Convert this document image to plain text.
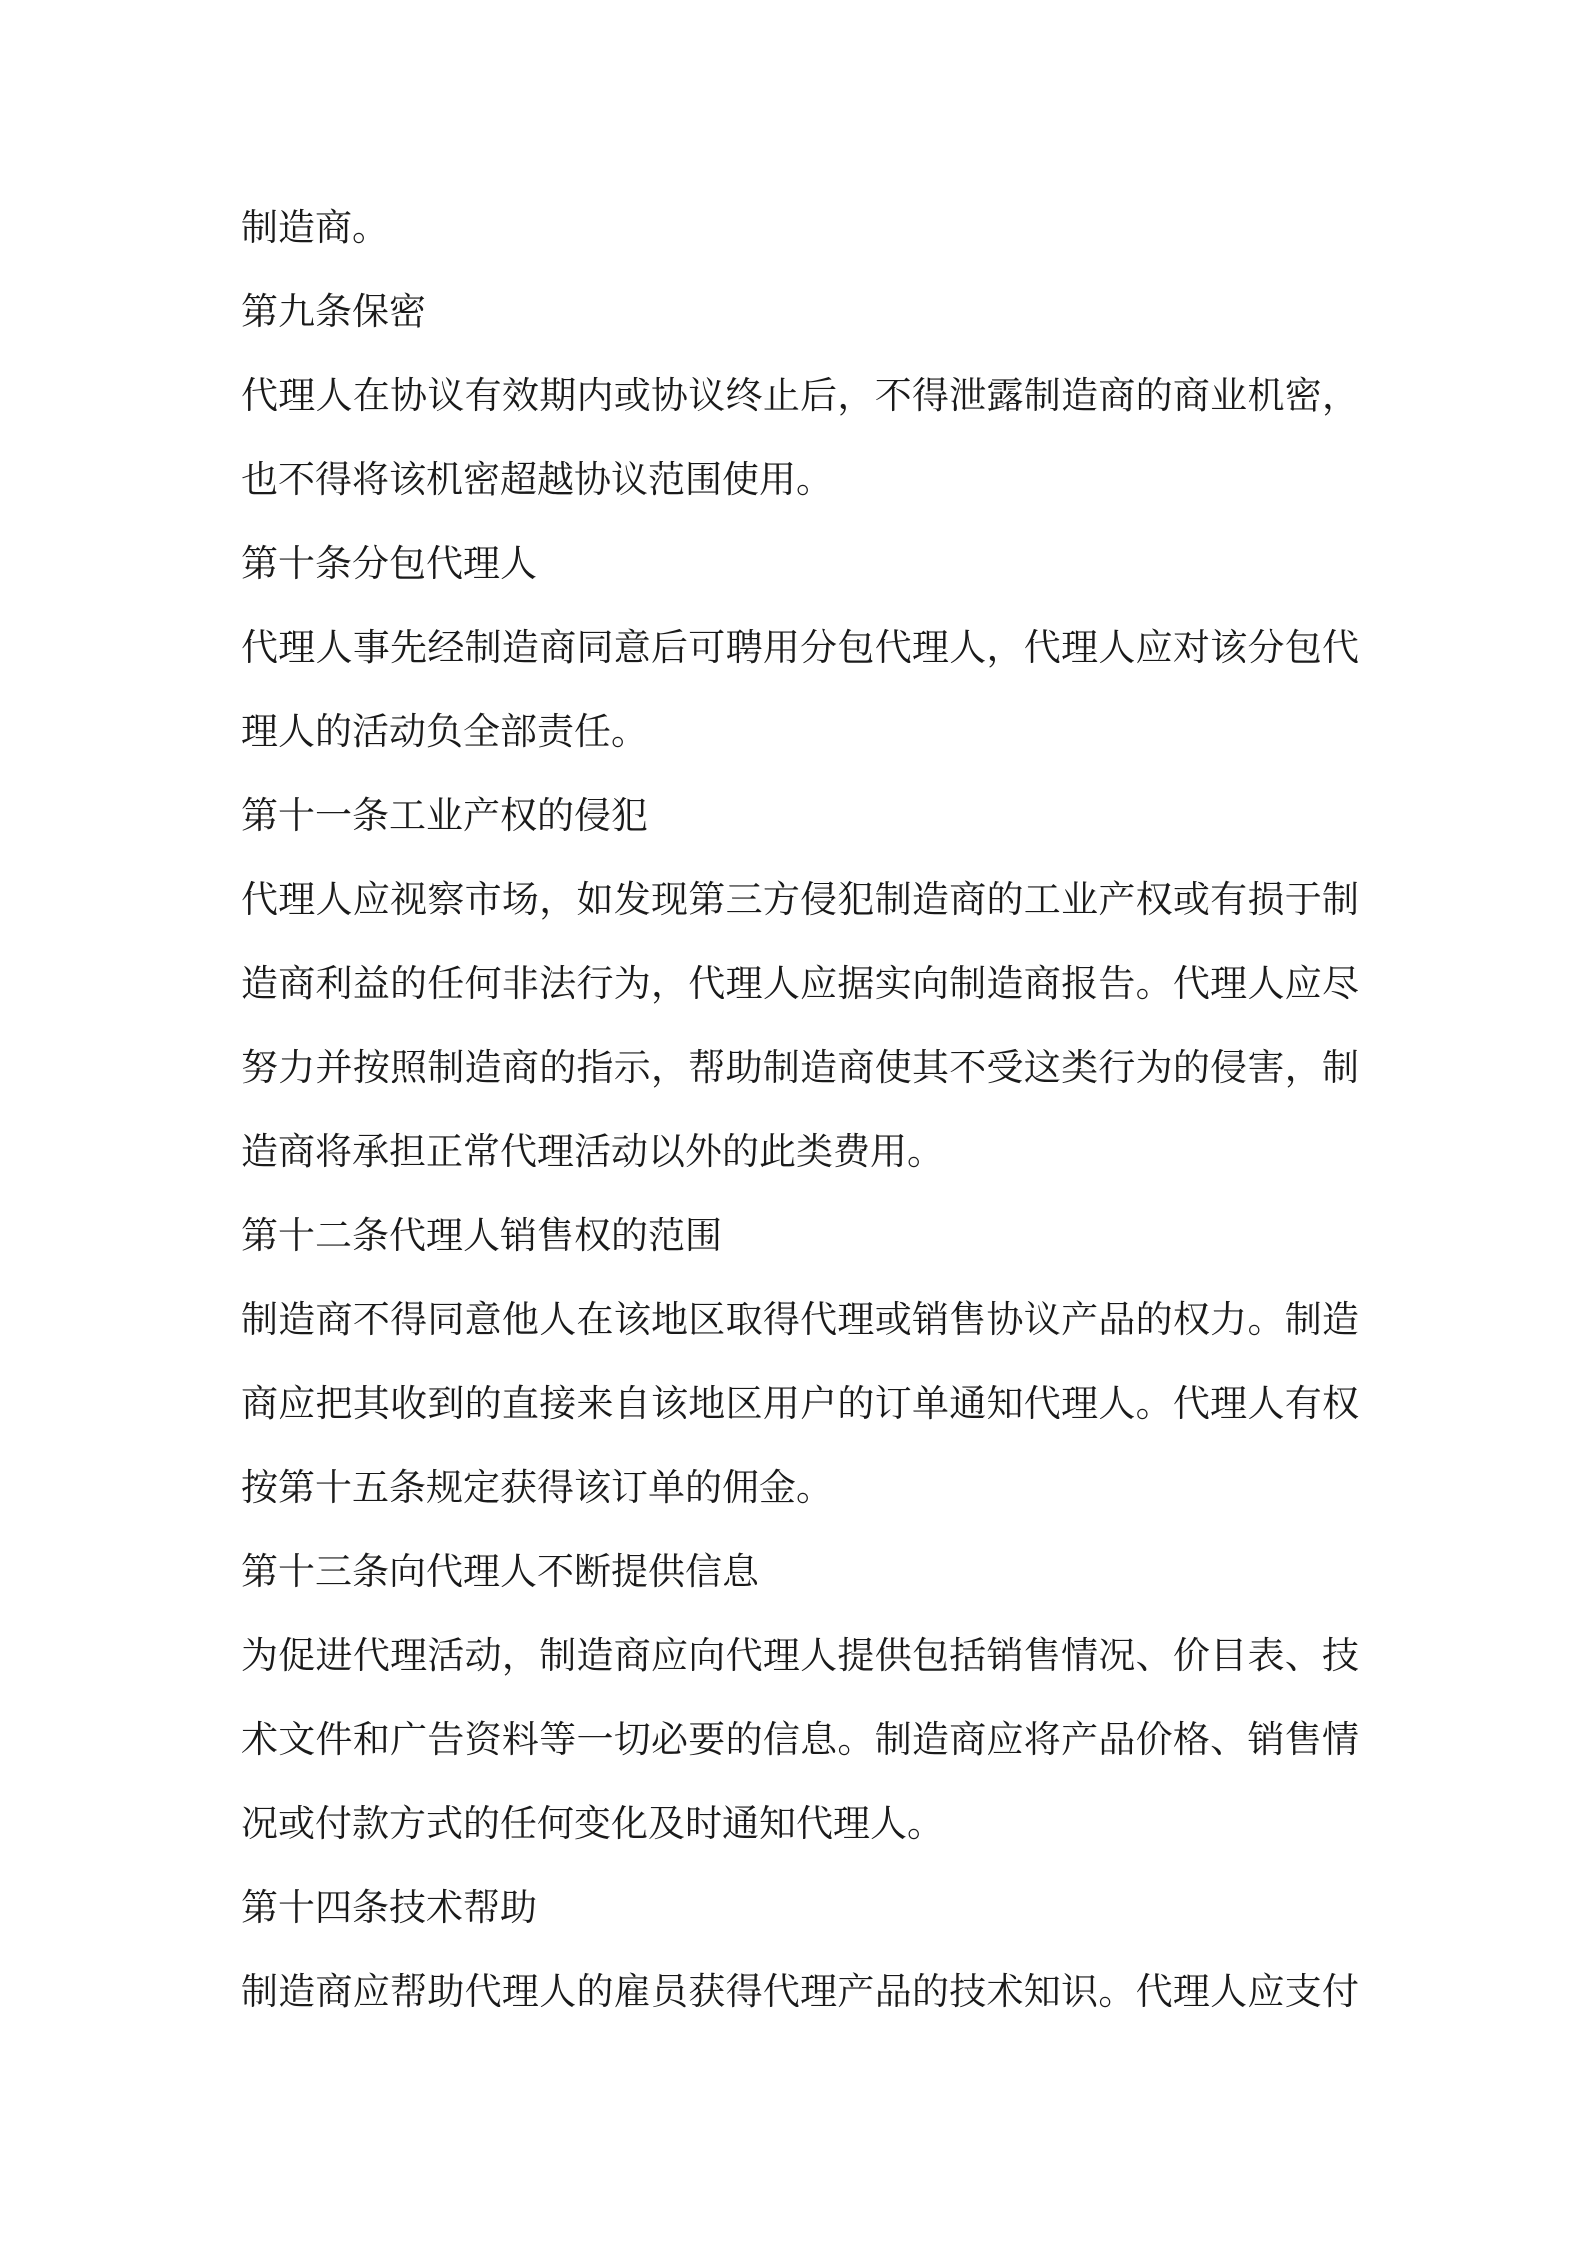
制造商。
第九条保密
代理人在协议有效期内或协议终止后，不得泄露制造商的商业机密，
也不得将该机密超越协议范围使用。
第十条分包代理人
代理人事先经制造商同意后可聘用分包代理人，代理人应对该分包代
理人的活动负全部责任。
第十一条工业产权的侵犯
代理人应视察市场，如发现第三方侵犯制造商的工业产权或有损于制
造商利益的任何非法行为，代理人应据实向制造商报告。代理人应尽
努力并按照制造商的指示，帮助制造商使其不受这类行为的侵害，制
造商将承担正常代理活动以外的此类费用。
第十二条代理人销售权的范围
制造商不得同意他人在该地区取得代理或销售协议产品的权力。制造
商应把其收到的直接来自该地区用户的订单通知代理人。代理人有权
按第十五条规定获得该订单的佣金。
第十三条向代理人不断提供信息
为促进代理活动，制造商应向代理人提供包括销售情况、价目表、技
术文件和广告资料等一切必要的信息。制造商应将产品价格、销售情
况或付款方式的任何变化及时通知代理人。
第十四条技术帮助
制造商应帮助代理人的雇员获得代理产品的技术知识。代理人应支付
